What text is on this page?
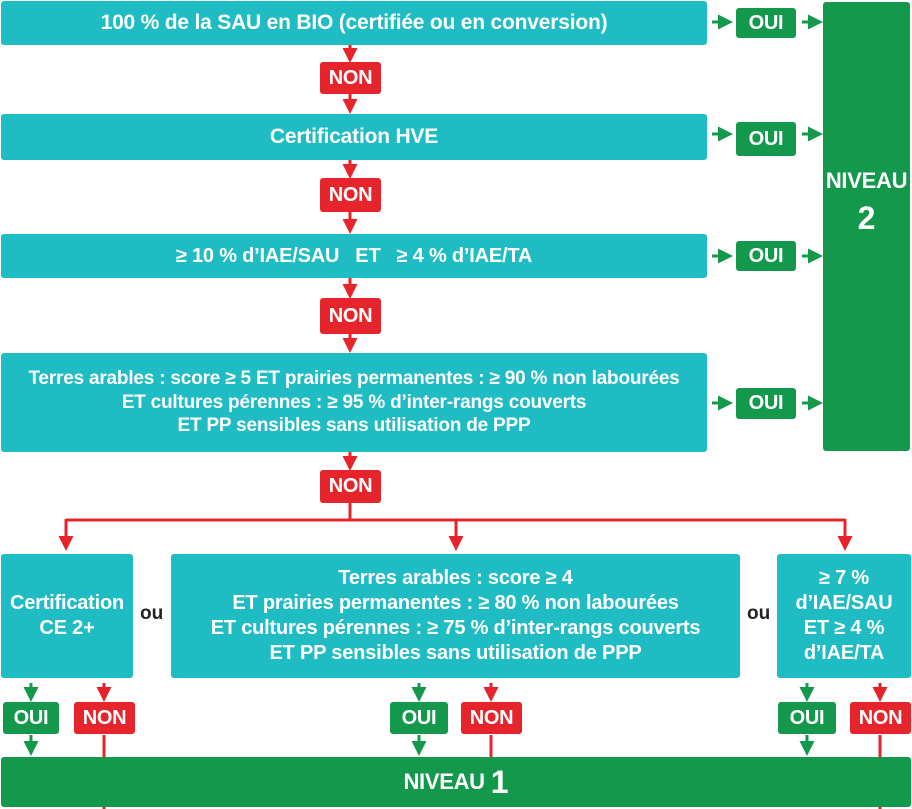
100 % de la SAU en BIO (certifiée ou en conversion)
NON
Certification HVE
NON
≥ 10 % d’IAE/SAU   ET   ≥ 4 % d’IAE/TA
NON
Terres arables : score ≥ 5 ET prairies permanentes : ≥ 90 % non labourées
ET cultures pérennes : ≥ 95 % d’inter-rangs couverts
ET PP sensibles sans utilisation de PPP
NON
OUI
OUI
OUI
OUI
NIVEAU
2
Certification
CE 2+
ou
Terres arables : score ≥ 4
ET prairies permanentes : ≥ 80 % non labourées
ET cultures pérennes : ≥ 75 % d’inter-rangs couverts
ET PP sensibles sans utilisation de PPP
ou
≥ 7 %
d’IAE/SAU
ET ≥ 4 %
d’IAE/TA
OUI	NON	OUI	NON	OUI	NON
NIVEAU 1
